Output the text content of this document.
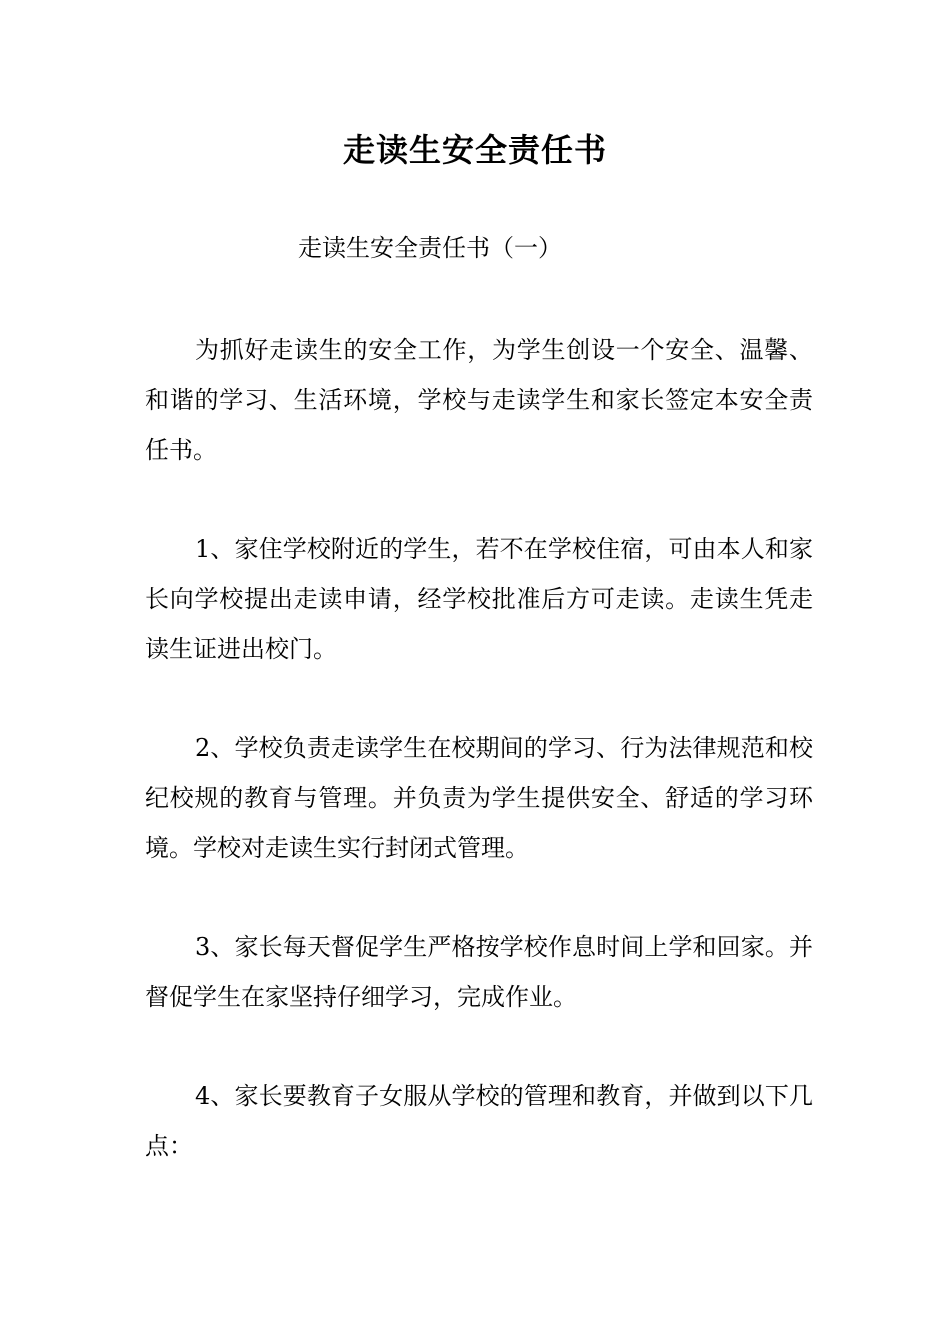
走读生安全责任书
走读生安全责任书（一）
为抓好走读生的安全工作，为学生创设一个安全、温馨、和谐的学习、生活环境，学校与走读学生和家长签定本安全责任书。
1、家住学校附近的学生，若不在学校住宿，可由本人和家长向学校提出走读申请，经学校批准后方可走读。走读生凭走读生证进出校门。
2、学校负责走读学生在校期间的学习、行为法律规范和校纪校规的教育与管理。并负责为学生提供安全、舒适的学习环境。学校对走读生实行封闭式管理。
3、家长每天督促学生严格按学校作息时间上学和回家。并督促学生在家坚持仔细学习，完成作业。
4、家长要教育子女服从学校的管理和教育，并做到以下几点：
